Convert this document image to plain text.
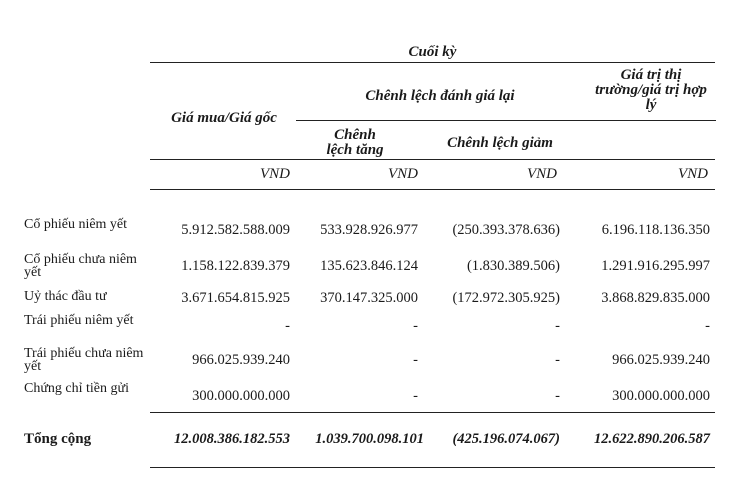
Cuối kỳ
Giá mua/Giá gốc
Chênh lệch đánh giá lại
Giá trị thị trường/giá trị hợp lý
Chênh lệch tăng	Chênh lệch giảm
VND	VND	VND	VND
Cổ phiếu niêm yết	5.912.582.588.009	533.928.926.977	(250.393.378.636)	6.196.118.136.350
Cổ phiếu chưa niêm yết	1.158.122.839.379	135.623.846.124	(1.830.389.506)	1.291.916.295.997
Uỷ thác đầu tư	3.671.654.815.925	370.147.325.000	(172.972.305.925)	3.868.829.835.000
Trái phiếu niêm yết	-	-	-	-
Trái phiếu chưa niêm yết	966.025.939.240	-	-	966.025.939.240
Chứng chỉ tiền gửi	300.000.000.000	-	-	300.000.000.000
Tổng cộng	12.008.386.182.553	1.039.700.098.101	(425.196.074.067)	12.622.890.206.587
